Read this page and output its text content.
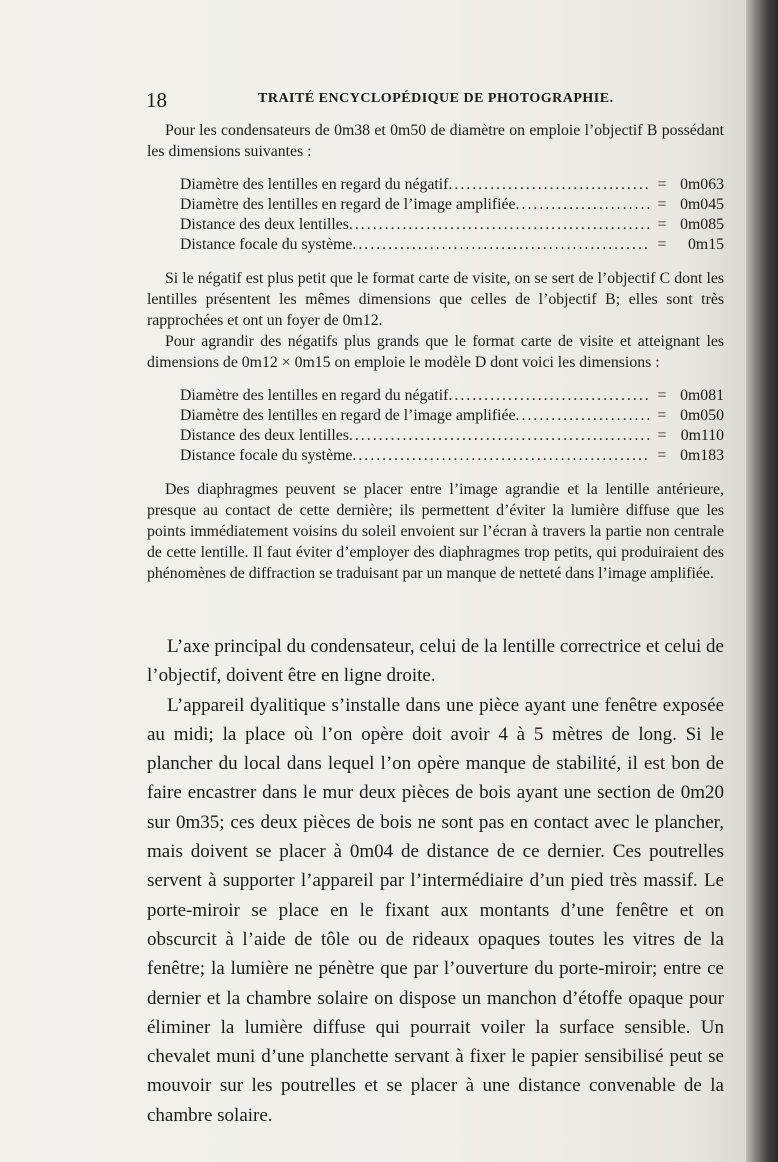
18	TRAITÉ ENCYCLOPÉDIQUE DE PHOTOGRAPHIE.

Pour les condensateurs de 0m38 et 0m50 de diamètre on emploie l’objectif B possédant les dimensions suivantes :

Diamètre des lentilles en regard du négatif .....	= 0m063
Diamètre des lentilles en regard de l’image amplifiée .....	= 0m045
Distance des deux lentilles .....	= 0m085
Distance focale du système .....	=	0m15

Si le négatif est plus petit que le format carte de visite, on se sert de l’objectif C dont les lentilles présentent les mêmes dimensions que celles de l’objectif B; elles sont très rapprochées et ont un foyer de 0m12.

Pour agrandir des négatifs plus grands que le format carte de visite et atteignant les dimensions de 0m12 × 0m15 on emploie le modèle D dont voici les dimensions :

Diamètre des lentilles en regard du négatif .....	= 0m081
Diamètre des lentilles en regard de l’image amplifiée .....	= 0m050
Distance des deux lentilles .....	= 0m110
Distance focale du système .....	= 0m183

Des diaphragmes peuvent se placer entre l’image agrandie et la lentille antérieure, presque au contact de cette dernière; ils permettent d’éviter la lumière diffuse que les points immédiatement voisins du soleil envoient sur l’écran à travers la partie non centrale de cette lentille. Il faut éviter d’employer des diaphragmes trop petits, qui produiraient des phénomènes de diffraction se traduisant par un manque de netteté dans l’image amplifiée.

L’axe principal du condensateur, celui de la lentille correctrice et celui de l’objectif, doivent être en ligne droite.

L’appareil dyalitique s’installe dans une pièce ayant une fenêtre exposée au midi; la place où l’on opère doit avoir 4 à 5 mètres de long. Si le plancher du local dans lequel l’on opère manque de stabilité, il est bon de faire encastrer dans le mur deux pièces de bois ayant une section de 0m20 sur 0m35; ces deux pièces de bois ne sont pas en contact avec le plancher, mais doivent se placer à 0m04 de distance de ce dernier. Ces poutrelles servent à supporter l’appareil par l’intermédiaire d’un pied très massif. Le porte-miroir se place en le fixant aux montants d’une fenêtre et on obscurcit à l’aide de tôle ou de rideaux opaques toutes les vitres de la fenêtre; la lumière ne pénètre que par l’ouverture du porte-miroir; entre ce dernier et la chambre solaire on dispose un manchon d’étoffe opaque pour éliminer la lumière diffuse qui pourrait voiler la surface sensible. Un chevalet muni d’une planchette servant à fixer le papier sensibilisé peut se mouvoir sur les poutrelles et se placer à une distance convenable de la chambre solaire.
